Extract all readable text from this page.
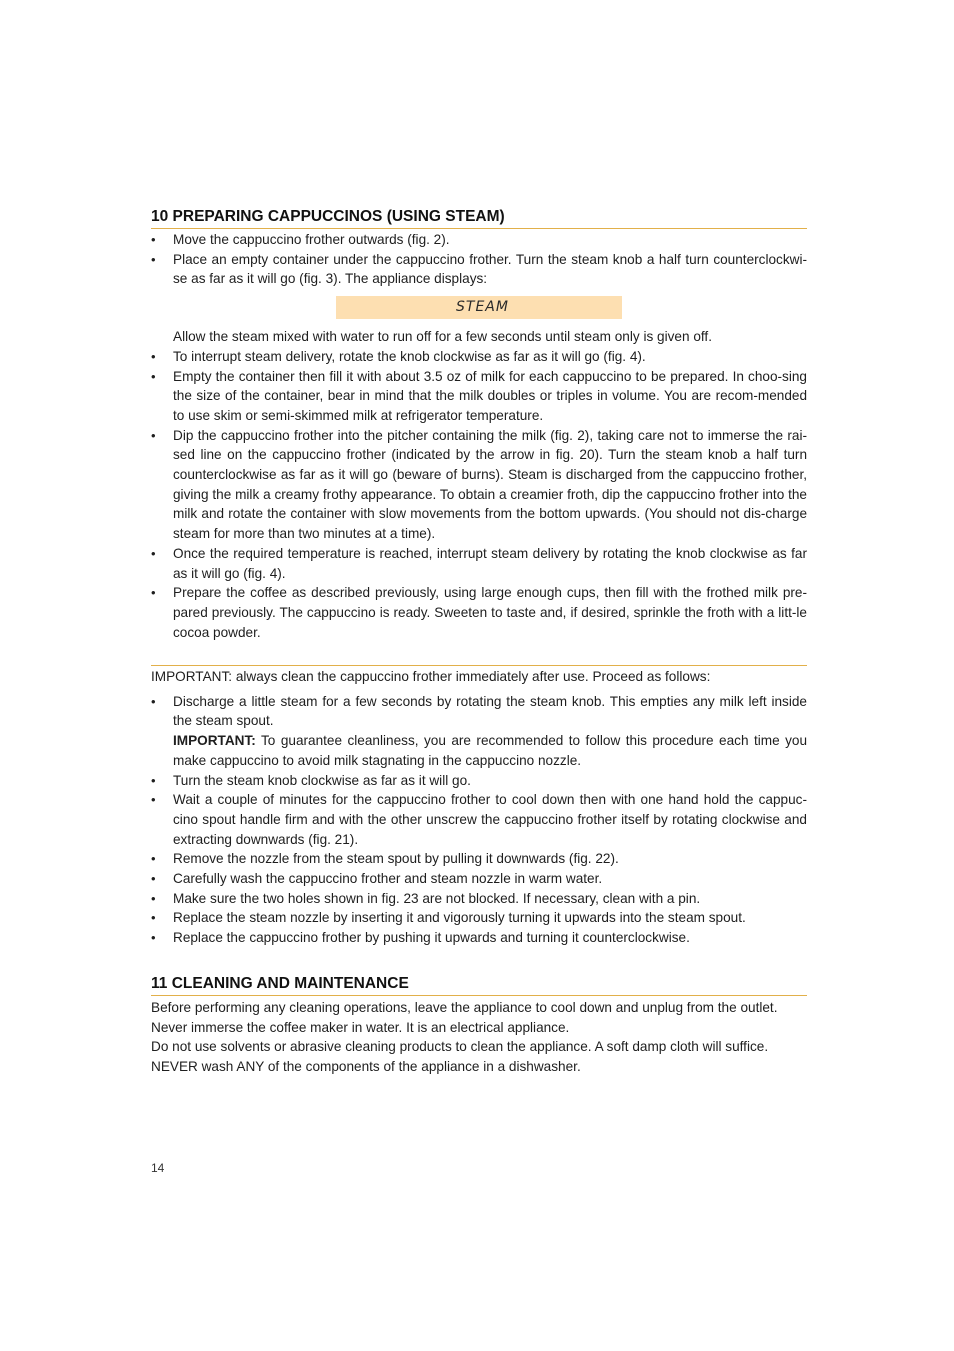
10 PREPARING CAPPUCCINOS (USING STEAM)
• Move the cappuccino frother outwards (fig. 2).
• Place an empty container under the cappuccino frother. Turn the steam knob a half turn counterclockwi-se as far as it will go (fig. 3). The appliance displays:
STEAM

Allow the steam mixed with water to run off for a few seconds until steam only is given off.

• To interrupt steam delivery, rotate the knob clockwise as far as it will go (fig. 4).
• Empty the container then fill it with about 3.5 oz of milk for each cappuccino to be prepared. In choo-sing the size of the container, bear in mind that the milk doubles or triples in volume. You are recom-mended to use skim or semi-skimmed milk at refrigerator temperature.
• Dip the cappuccino frother into the pitcher containing the milk (fig. 2), taking care not to immerse the rai-sed line on the cappuccino frother (indicated by the arrow in fig. 20). Turn the steam knob a half turn counterclockwise as far as it will go (beware of burns). Steam is discharged from the cappuccino frother, giving the milk a creamy frothy appearance. To obtain a creamier froth, dip the cappuccino frother into the milk and rotate the container with slow movements from the bottom upwards. (You should not dis-charge steam for more than two minutes at a time).
• Once the required temperature is reached, interrupt steam delivery by rotating the knob clockwise as far as it will go (fig. 4).
• Prepare the coffee as described previously, using large enough cups, then fill with the frothed milk pre-pared previously. The cappuccino is ready. Sweeten to taste and, if desired, sprinkle the froth with a litt-le cocoa powder.

IMPORTANT: always clean the cappuccino frother immediately after use. Proceed as follows:

• Discharge a little steam for a few seconds by rotating the steam knob. This empties any milk left inside the steam spout.
IMPORTANT: To guarantee cleanliness, you are recommended to follow this procedure each time you make cappuccino to avoid milk stagnating in the cappuccino nozzle.
• Turn the steam knob clockwise as far as it will go.
• Wait a couple of minutes for the cappuccino frother to cool down then with one hand hold the cappuc-cino spout handle firm and with the other unscrew the cappuccino frother itself by rotating clockwise and extracting downwards (fig. 21).
• Remove the nozzle from the steam spout by pulling it downwards (fig. 22).
• Carefully wash the cappuccino frother and steam nozzle in warm water.
• Make sure the two holes shown in fig. 23 are not blocked. If necessary, clean with a pin.
• Replace the steam nozzle by inserting it and vigorously turning it upwards into the steam spout.
• Replace the cappuccino frother by pushing it upwards and turning it counterclockwise.
11 CLEANING AND MAINTENANCE

Before performing any cleaning operations, leave the appliance to cool down and unplug from the outlet.

Never immerse the coffee maker in water. It is an electrical appliance.

Do not use solvents or abrasive cleaning products to clean the appliance. A soft damp cloth will suffice.

NEVER wash ANY of the components of the appliance in a dishwasher.

14
